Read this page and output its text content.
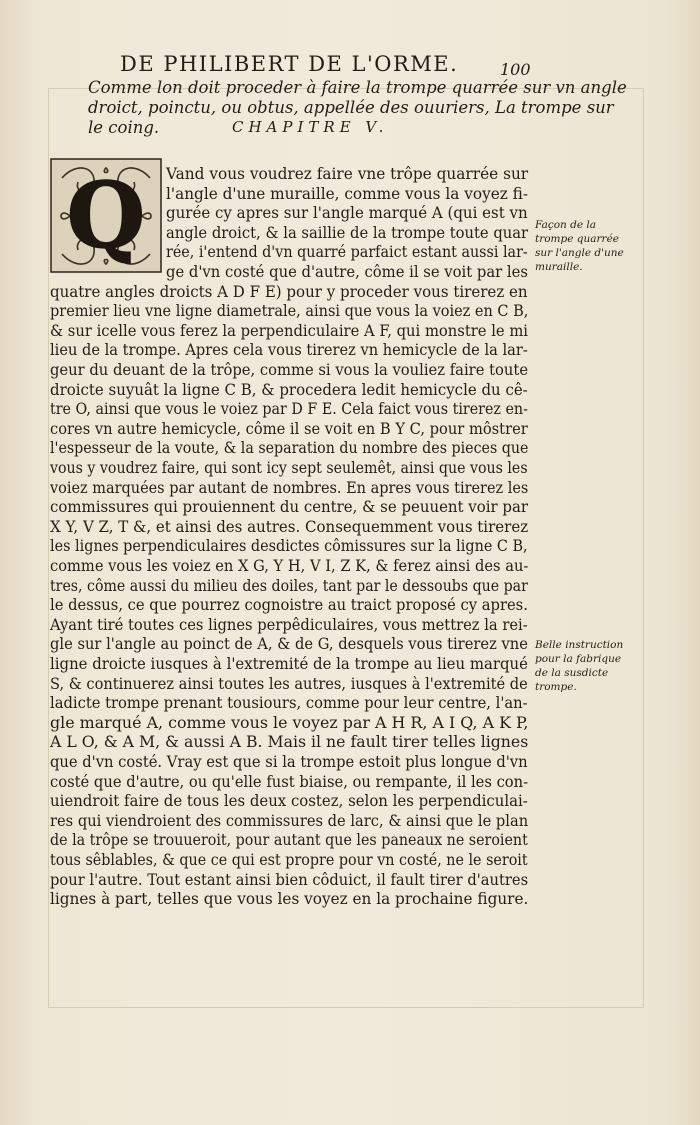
DE PHILIBERT DE L'ORME.	100
Comme lon doit proceder à faire la trompe quarrée sur vn angle
droict, poinctu, ou obtus, appellée des ouuriers, La trompe sur
le coing.	CHAPITRE V.
Q Vand vous voudrez faire vne trôpe quarrée sur
l'angle d'une muraille, comme vous la voyez fi-
gurée cy apres sur l'angle marqué A (qui est vn
angle droict, & la saillie de la trompe toute quar
rée, i'entend d'vn quarré parfaict estant aussi lar-
ge d'vn costé que d'autre, côme il se voit par les
quatre angles droicts A D F E) pour y proceder vous tirerez en
premier lieu vne ligne diametrale, ainsi que vous la voiez en C B,
& sur icelle vous ferez la perpendiculaire A F, qui monstre le mi
lieu de la trompe. Apres cela vous tirerez vn hemicycle de la lar-
geur du deuant de la trôpe, comme si vous la vouliez faire toute
droicte suyuât la ligne C B, & procedera ledit hemicycle du cê-
tre O, ainsi que vous le voiez par D F E. Cela faict vous tirerez en-
cores vn autre hemicycle, côme il se voit en B Y C, pour môstrer
l'espesseur de la voute, & la separation du nombre des pieces que
vous y voudrez faire, qui sont icy sept seulemêt, ainsi que vous les
voiez marquées par autant de nombres. En apres vous tirerez les
commissures qui prouiennent du centre, & se peuuent voir par
X Y, V Z, T &, et ainsi des autres. Consequemment vous tirerez
les lignes perpendiculaires desdictes cômissures sur la ligne C B,
comme vous les voiez en X G, Y H, V I, Z K, & ferez ainsi des au-
tres, côme aussi du milieu des doiles, tant par le dessoubs que par
le dessus, ce que pourrez cognoistre au traict proposé cy apres.
Ayant tiré toutes ces lignes perpêdiculaires, vous mettrez la rei-
gle sur l'angle au poinct de A, & de G, desquels vous tirerez vne
ligne droicte iusques à l'extremité de la trompe au lieu marqué
S, & continuerez ainsi toutes les autres, iusques à l'extremité de
ladicte trompe prenant tousiours, comme pour leur centre, l'an-
gle marqué A, comme vous le voyez par A H R, A I Q, A K P,
A L O, & A M, & aussi A B. Mais il ne fault tirer telles lignes
que d'vn costé. Vray est que si la trompe estoit plus longue d'vn
costé que d'autre, ou qu'elle fust biaise, ou rempante, il les con-
uiendroit faire de tous les deux costez, selon les perpendiculai-
res qui viendroient des commissures de larc, & ainsi que le plan
de la trôpe se trouueroit, pour autant que les paneaux ne seroient
tous sêblables, & que ce qui est propre pour vn costé, ne le seroit
pour l'autre. Tout estant ainsi bien côduict, il fault tirer d'autres
lignes à part, telles que vous les voyez en la prochaine figure.
Façon de la trompe quarrée sur l'angle d'une muraille.
Belle instruction pour la fabrique de la susdicte trompe.
